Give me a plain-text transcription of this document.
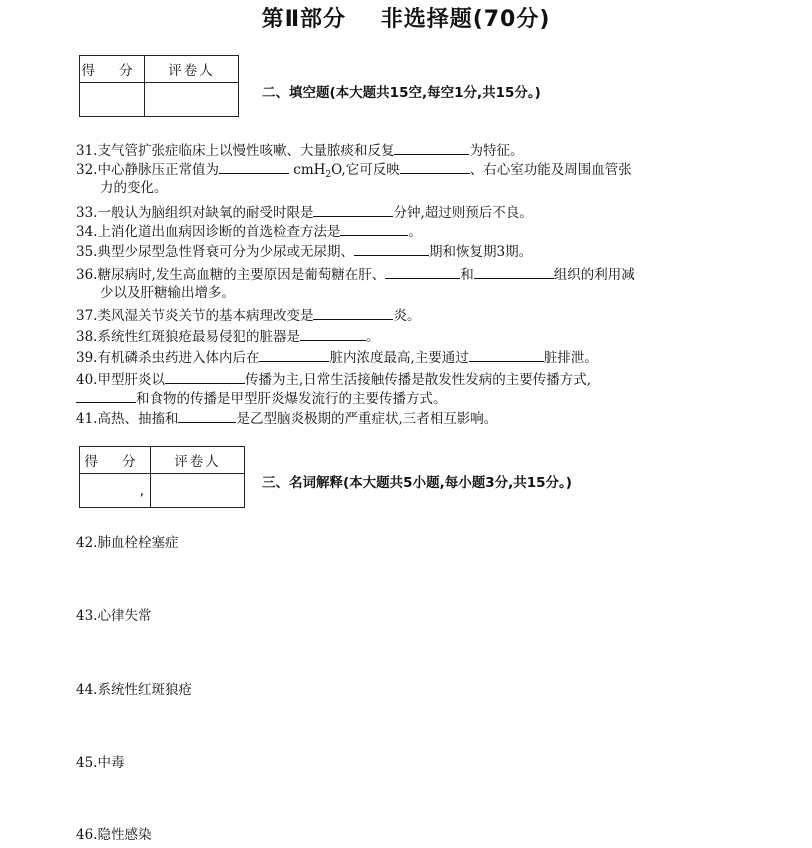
第Ⅱ部分    非选择题(70分)
得 分	评卷人

二、填空题(本大题共15空,每空1分,共15分。)
31.支气管扩张症临床上以慢性咳嗽、大量脓痰和反复	为特征。
32.中心静脉压正常值为	cmH$_2$O,它可反映	、右心室功能及周围血管张
力的变化。
33.一般认为脑组织对缺氧的耐受时限是	分钟,超过则预后不良。
34.上消化道出血病因诊断的首选检查方法是	。
35.典型少尿型急性肾衰可分为少尿或无尿期、	期和恢复期3期。
36.糖尿病时,发生高血糖的主要原因是葡萄糖在肝、	和	组织的利用减
少以及肝糖输出增多。
37.类风湿关节炎关节的基本病理改变是	炎。
38.系统性红斑狼疮最易侵犯的脏器是	。
39.有机磷杀虫药进入体内后在	脏内浓度最高,主要通过	脏排泄。
40.甲型肝炎以	传播为主,日常生活接触传播是散发性发病的主要传播方式,
和食物的传播是甲型肝炎爆发流行的主要传播方式。
41.高热、抽搐和	是乙型脑炎极期的严重症状,三者相互影响。
得 分	评卷人
,		三、名词解释(本大题共5小题,每小题3分,共15分。)
42.肺血栓栓塞症
43.心律失常
44.系统性红斑狼疮
45.中毒
46.隐性感染
